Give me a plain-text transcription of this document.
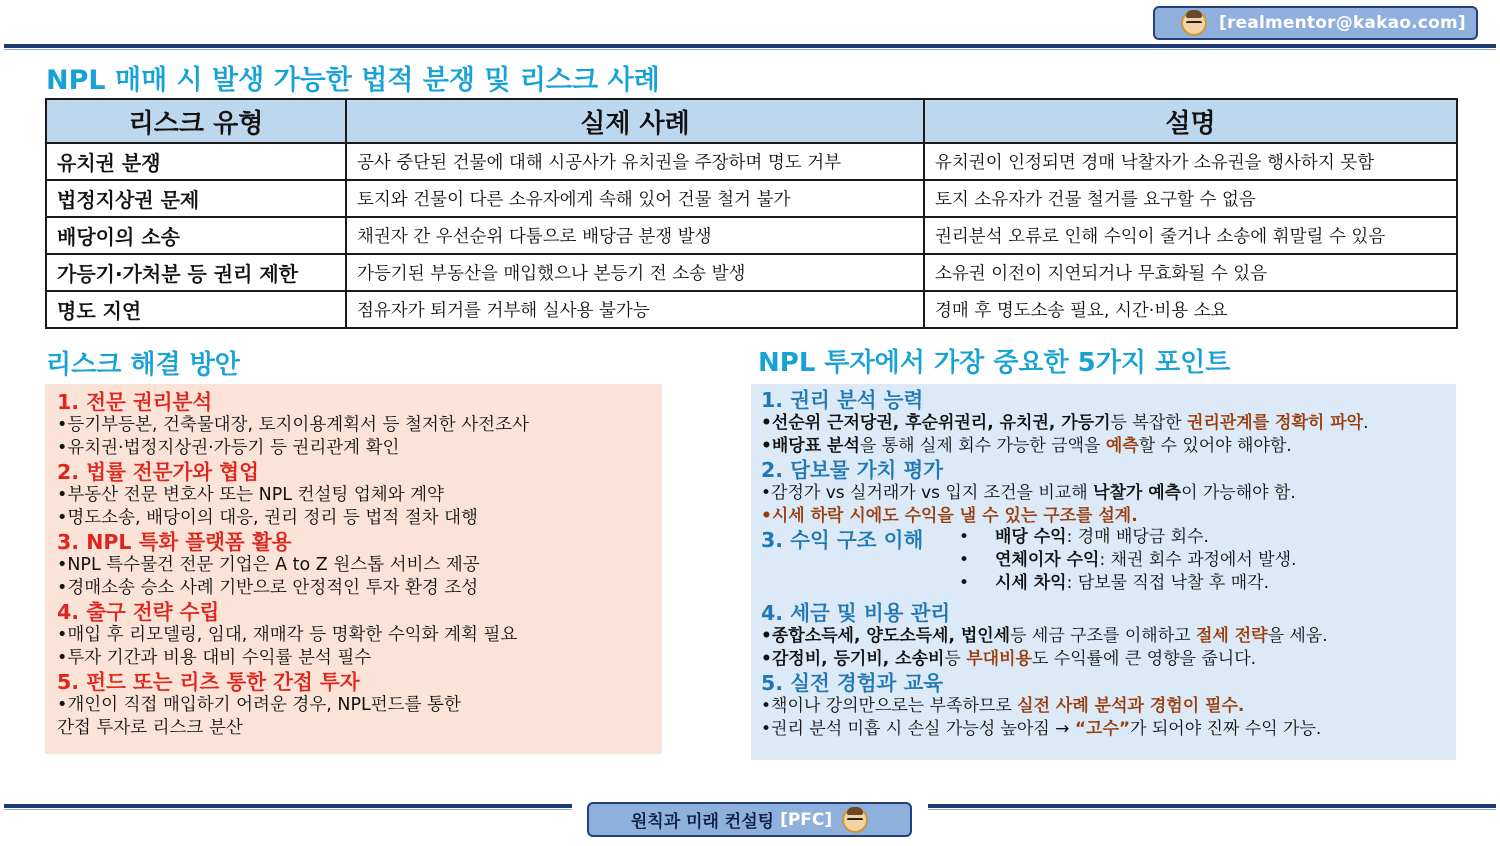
[realmentor@kakao.com]
NPL 매매 시 발생 가능한 법적 분쟁 및 리스크 사례
리스크 유형	실제 사례	설명
유치권 분쟁	공사 중단된 건물에 대해 시공사가 유치권을 주장하며 명도 거부	유치권이 인정되면 경매 낙찰자가 소유권을 행사하지 못함
법정지상권 문제	토지와 건물이 다른 소유자에게 속해 있어 건물 철거 불가	토지 소유자가 건물 철거를 요구할 수 없음
배당이의 소송	채권자 간 우선순위 다툼으로 배당금 분쟁 발생	권리분석 오류로 인해 수익이 줄거나 소송에 휘말릴 수 있음
가등기·가처분 등 권리 제한	가등기된 부동산을 매입했으나 본등기 전 소송 발생	소유권 이전이 지연되거나 무효화될 수 있음
명도 지연	점유자가 퇴거를 거부해 실사용 불가능	경매 후 명도소송 필요, 시간·비용 소요
리스크 해결 방안	NPL 투자에서 가장 중요한 5가지 포인트
1. 전문 권리분석
•등기부등본, 건축물대장, 토지이용계획서 등 철저한 사전조사
•유치권·법정지상권·가등기 등 권리관계 확인
2. 법률 전문가와 협업
•부동산 전문 변호사 또는 NPL 컨설팅 업체와 계약
•명도소송, 배당이의 대응, 권리 정리 등 법적 절차 대행
3. NPL 특화 플랫폼 활용
•NPL 특수물건 전문 기업은 A to Z 원스톱 서비스 제공
•경매소송 승소 사례 기반으로 안정적인 투자 환경 조성
4. 출구 전략 수립
•매입 후 리모델링, 임대, 재매각 등 명확한 수익화 계획 필요
•투자 기간과 비용 대비 수익률 분석 필수
5. 펀드 또는 리츠 통한 간접 투자
•개인이 직접 매입하기 어려운 경우, NPL펀드를 통한
간접 투자로 리스크 분산
1. 권리 분석 능력
•선순위 근저당권, 후순위권리, 유치권, 가등기등 복잡한 권리관계를 정확히 파악.
•배당표 분석을 통해 실제 회수 가능한 금액을 예측할 수 있어야 해야함.
2. 담보물 가치 평가
•감정가 vs 실거래가 vs 입지 조건을 비교해 낙찰가 예측이 가능해야 함.
•시세 하락 시에도 수익을 낼 수 있는 구조를 설계.
3. 수익 구조 이해	• 배당 수익: 경매 배당금 회수.
• 연체이자 수익: 채권 회수 과정에서 발생.
• 시세 차익: 담보물 직접 낙찰 후 매각.
4. 세금 및 비용 관리
•종합소득세, 양도소득세, 법인세등 세금 구조를 이해하고 절세 전략을 세움.
•감정비, 등기비, 소송비등 부대비용도 수익률에 큰 영향을 줍니다.
5. 실전 경험과 교육
•책이나 강의만으로는 부족하므로 실전 사례 분석과 경험이 필수.
•권리 분석 미흡 시 손실 가능성 높아짐 → “고수”가 되어야 진짜 수익 가능.
원칙과 미래 컨설팅 [PFC]
